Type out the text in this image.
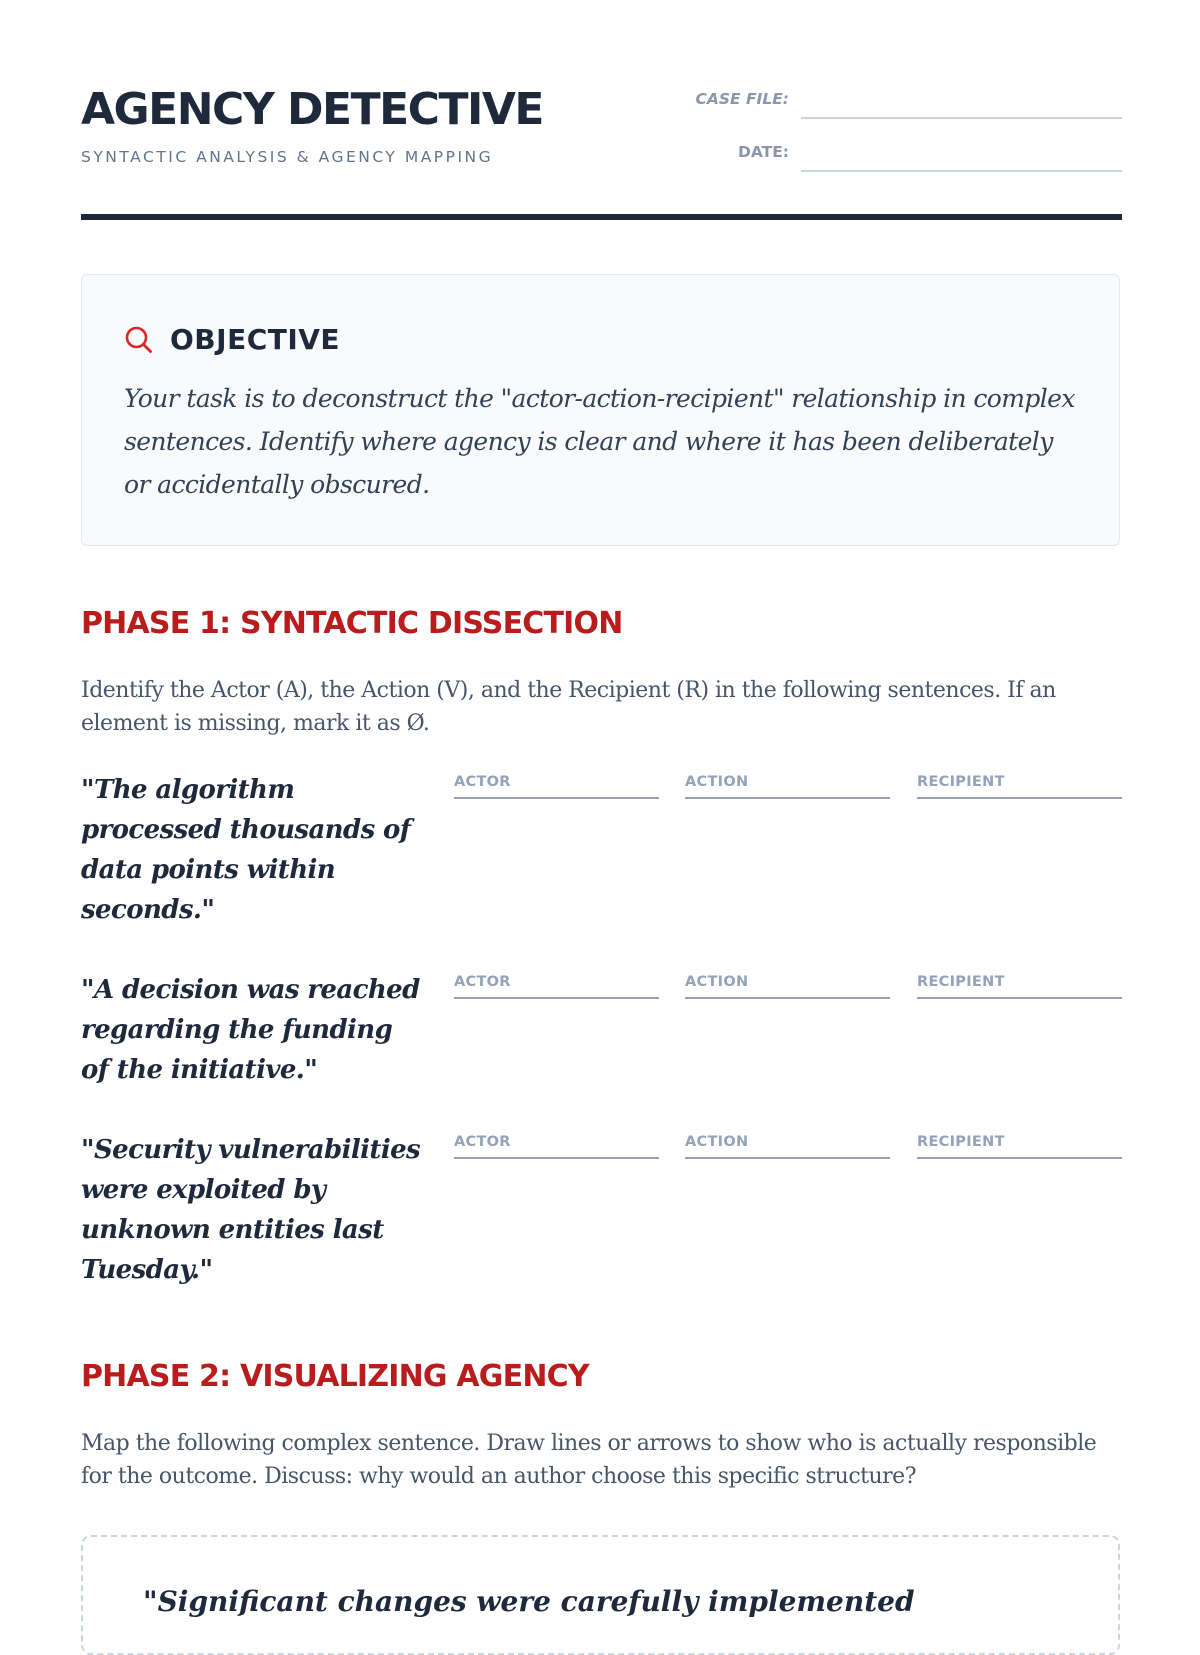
AGENCY DETECTIVE
SYNTACTIC ANALYSIS & AGENCY MAPPING
CASE FILE:
DATE:
OBJECTIVE

Your task is to deconstruct the "actor-action-recipient" relationship in complex sentences. Identify where agency is clear and where it has been deliberately or accidentally obscured.

PHASE 1: SYNTACTIC DISSECTION

Identify the Actor (A), the Action (V), and the Recipient (R) in the following sentences. If an element is missing, mark it as Ø.

"The algorithm processed thousands of data points within seconds."

ACTOR	ACTION	RECIPIENT

"A decision was reached regarding the funding of the initiative."

ACTOR	ACTION	RECIPIENT

"Security vulnerabilities were exploited by unknown entities last Tuesday."

ACTOR	ACTION	RECIPIENT
PHASE 2: VISUALIZING AGENCY

Map the following complex sentence. Draw lines or arrows to show who is actually responsible for the outcome. Discuss: why would an author choose this specific structure?

"Significant changes were carefully implemented
